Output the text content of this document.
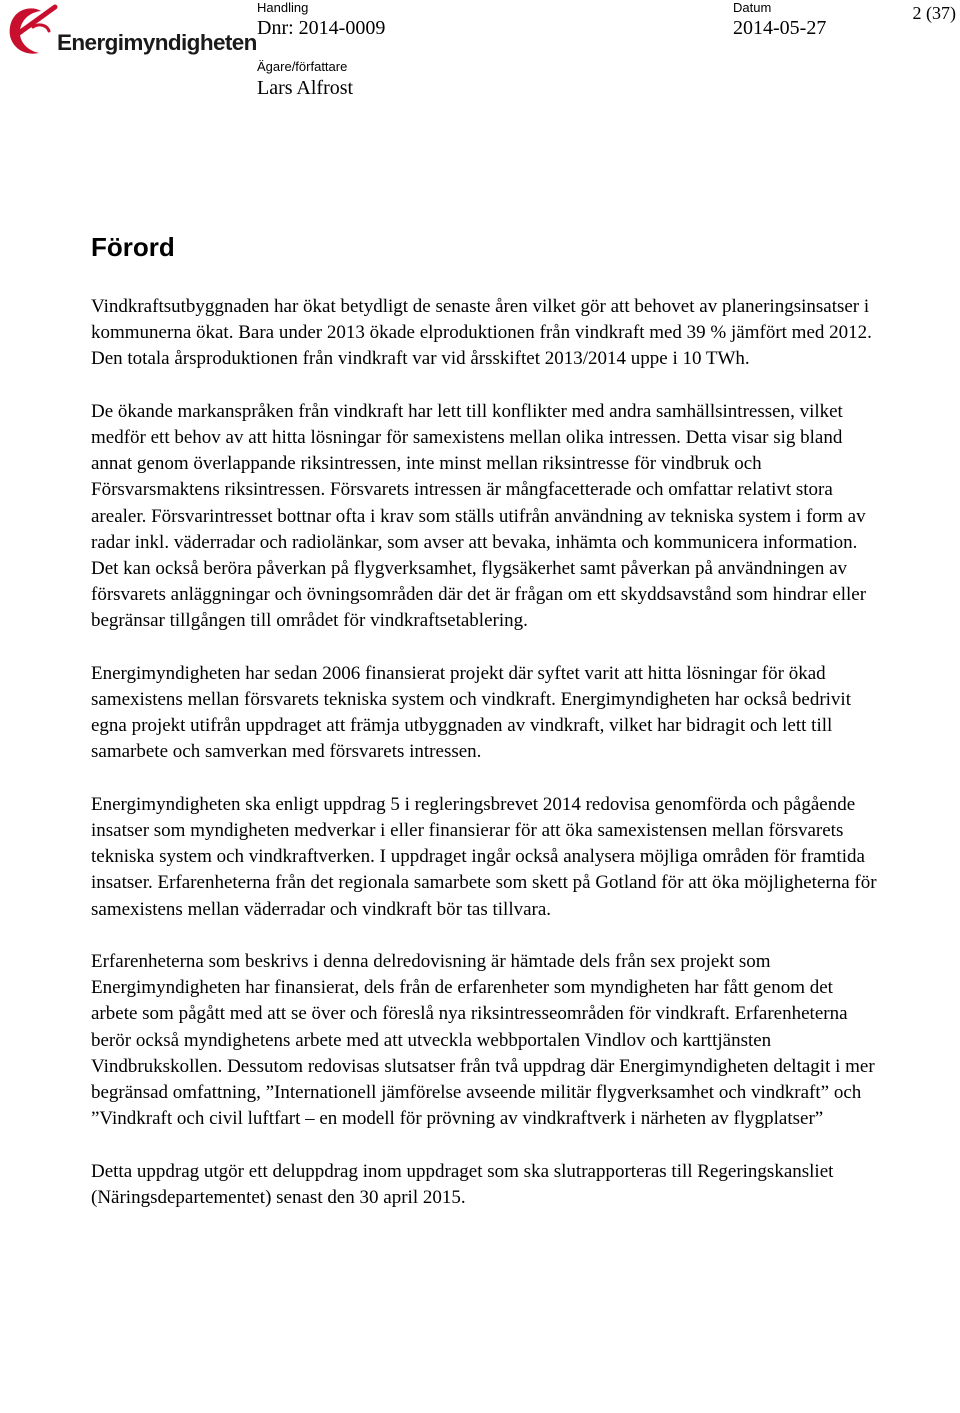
Energimyndigheten
Handling
Dnr: 2014-0009
Datum
2014-05-27
Ägare/författare
Lars Alfrost
2 (37)
Förord

Vindkraftsutbyggnaden har ökat betydligt de senaste åren vilket gör att behovet av planeringsinsatser i kommunerna ökat. Bara under 2013 ökade elproduktionen från vindkraft med 39 % jämfört med 2012. Den totala årsproduktionen från vindkraft var vid årsskiftet 2013/2014 uppe i 10 TWh.

De ökande markanspråken från vindkraft har lett till konflikter med andra samhällsintressen, vilket medför ett behov av att hitta lösningar för samexistens mellan olika intressen. Detta visar sig bland annat genom överlappande riksintressen, inte minst mellan riksintresse för vindbruk och Försvarsmaktens riksintressen. Försvarets intressen är mångfacetterade och omfattar relativt stora arealer. Försvarintresset bottnar ofta i krav som ställs utifrån användning av tekniska system i form av radar inkl. väderradar och radiolänkar, som avser att bevaka, inhämta och kommunicera information. Det kan också beröra påverkan på flygverksamhet, flygsäkerhet samt påverkan på användningen av försvarets anläggningar och övningsområden där det är frågan om ett skyddsavstånd som hindrar eller begränsar tillgången till området för vindkraftsetablering.

Energimyndigheten har sedan 2006 finansierat projekt där syftet varit att hitta lösningar för ökad samexistens mellan försvarets tekniska system och vindkraft. Energimyndigheten har också bedrivit egna projekt utifrån uppdraget att främja utbyggnaden av vindkraft, vilket har bidragit och lett till samarbete och samverkan med försvarets intressen.

Energimyndigheten ska enligt uppdrag 5 i regleringsbrevet 2014 redovisa genomförda och pågående insatser som myndigheten medverkar i eller finansierar för att öka samexistensen mellan försvarets tekniska system och vindkraftverken. I uppdraget ingår också analysera möjliga områden för framtida insatser. Erfarenheterna från det regionala samarbete som skett på Gotland för att öka möjligheterna för samexistens mellan väderradar och vindkraft bör tas tillvara.

Erfarenheterna som beskrivs i denna delredovisning är hämtade dels från sex projekt som Energimyndigheten har finansierat, dels från de erfarenheter som myndigheten har fått genom det arbete som pågått med att se över och föreslå nya riksintresseområden för vindkraft. Erfarenheterna berör också myndighetens arbete med att utveckla webbportalen Vindlov och karttjänsten Vindbrukskollen. Dessutom redovisas slutsatser från två uppdrag där Energimyndigheten deltagit i mer begränsad omfattning, ”Internationell jämförelse avseende militär flygverksamhet och vindkraft” och ”Vindkraft och civil luftfart – en modell för prövning av vindkraftverk i närheten av flygplatser”

Detta uppdrag utgör ett deluppdrag inom uppdraget som ska slutrapporteras till Regeringskansliet (Näringsdepartementet) senast den 30 april 2015.
